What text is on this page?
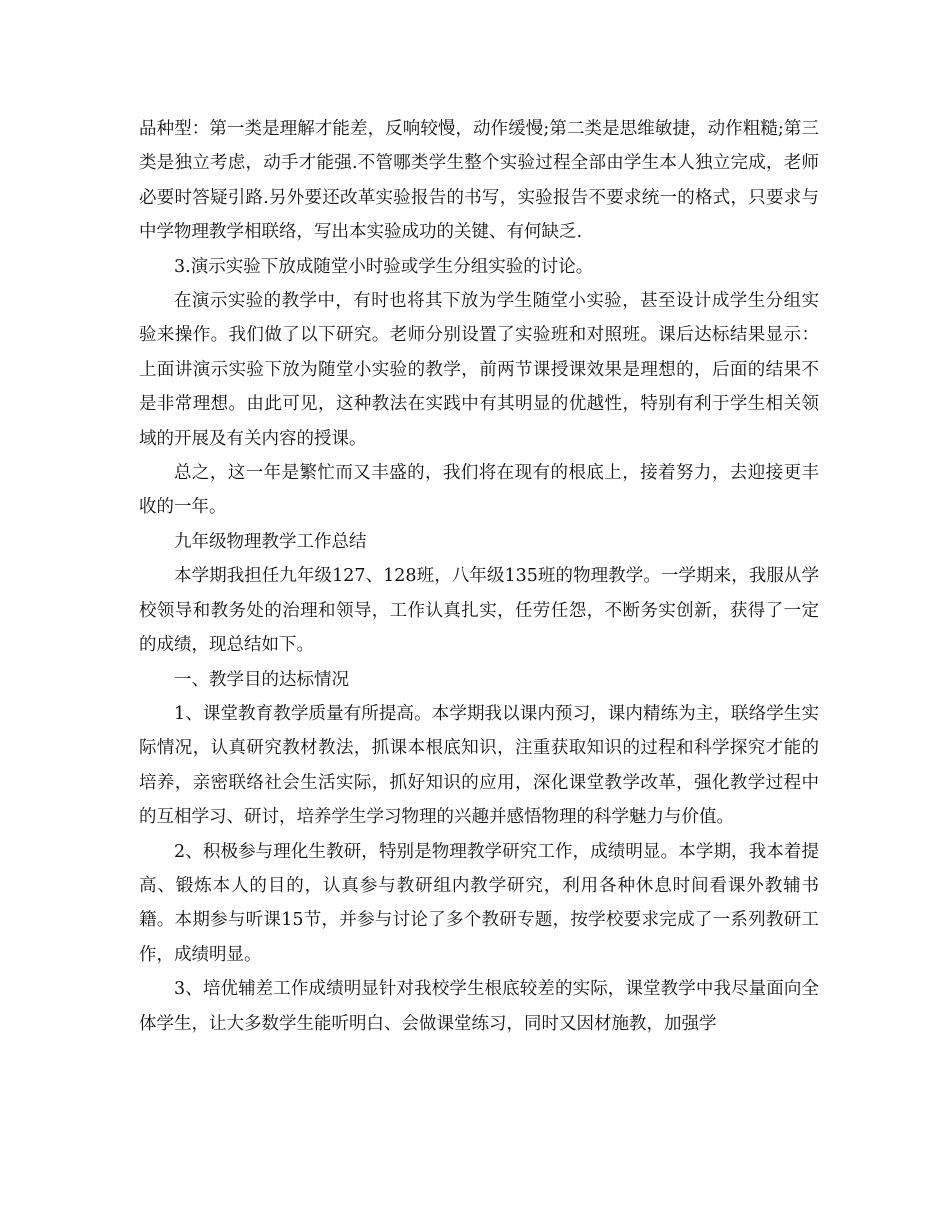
品种型：第一类是理解才能差，反响较慢，动作缓慢;第二类是思维敏捷，动作粗糙;第三类是独立考虑，动手才能强.不管哪类学生整个实验过程全部由学生本人独立完成，老师必要时答疑引路.另外要还改革实验报告的书写，实验报告不要求统一的格式，只要求与中学物理教学相联络，写出本实验成功的关键、有何缺乏.

3.演示实验下放成随堂小时验或学生分组实验的讨论。

在演示实验的教学中，有时也将其下放为学生随堂小实验，甚至设计成学生分组实验来操作。我们做了以下研究。老师分别设置了实验班和对照班。课后达标结果显示：上面讲演示实验下放为随堂小实验的教学，前两节课授课效果是理想的，后面的结果不是非常理想。由此可见，这种教法在实践中有其明显的优越性，特别有利于学生相关领域的开展及有关内容的授课。

总之，这一年是繁忙而又丰盛的，我们将在现有的根底上，接着努力，去迎接更丰收的一年。

九年级物理教学工作总结

本学期我担任九年级127、128班，八年级135班的物理教学。一学期来，我服从学校领导和教务处的治理和领导，工作认真扎实，任劳任怨，不断务实创新，获得了一定的成绩，现总结如下。

一、教学目的达标情况

1、课堂教育教学质量有所提高。本学期我以课内预习，课内精练为主，联络学生实际情况，认真研究教材教法，抓课本根底知识，注重获取知识的过程和科学探究才能的培养，亲密联络社会生活实际，抓好知识的应用，深化课堂教学改革，强化教学过程中的互相学习、研讨，培养学生学习物理的兴趣并感悟物理的科学魅力与价值。

2、积极参与理化生教研，特别是物理教学研究工作，成绩明显。本学期，我本着提高、锻炼本人的目的，认真参与教研组内教学研究，利用各种休息时间看课外教辅书籍。本期参与听课15节，并参与讨论了多个教研专题，按学校要求完成了一系列教研工作，成绩明显。

3、培优辅差工作成绩明显针对我校学生根底较差的实际，课堂教学中我尽量面向全体学生，让大多数学生能听明白、会做课堂练习，同时又因材施教，加强学
